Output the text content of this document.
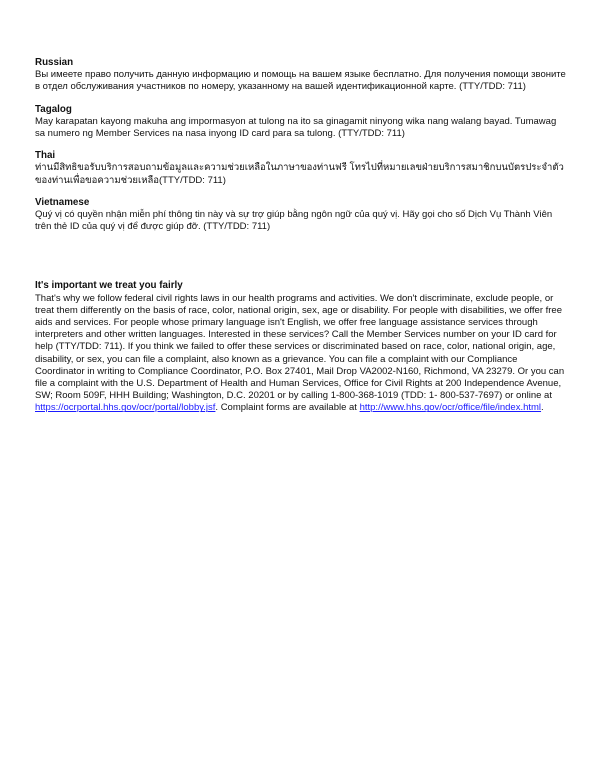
Russian

Вы имеете право получить данную информацию и помощь на вашем языке бесплатно. Для получения помощи звоните в отдел обслуживания участников по номеру, указанному на вашей идентификационной карте. (TTY/TDD: 711)

Tagalog

May karapatan kayong makuha ang impormasyon at tulong na ito sa ginagamit ninyong wika nang walang bayad. Tumawag sa numero ng Member Services na nasa inyong ID card para sa tulong. (TTY/TDD: 711)

Thai

ท่านมีสิทธิขอรับบริการสอบถามข้อมูลและความช่วยเหลือในภาษาของท่านฟรี โทรไปที่หมายเลขฝ่ายบริการสมาชิกบนบัตรประจำตัวของท่านเพื่อขอความช่วยเหลือ(TTY/TDD: 711)

Vietnamese

Quý vị có quyền nhận miễn phí thông tin này và sự trợ giúp bằng ngôn ngữ của quý vị. Hãy gọi cho số Dịch Vụ Thành Viên trên thẻ ID của quý vị để được giúp đỡ. (TTY/TDD: 711)

It's important we treat you fairly

That's why we follow federal civil rights laws in our health programs and activities. We don't discriminate, exclude people, or treat them differently on the basis of race, color, national origin, sex, age or disability. For people with disabilities, we offer free aids and services. For people whose primary language isn't English, we offer free language assistance services through interpreters and other written languages. Interested in these services? Call the Member Services number on your ID card for help (TTY/TDD: 711). If you think we failed to offer these services or discriminated based on race, color, national origin, age, disability, or sex, you can file a complaint, also known as a grievance. You can file a complaint with our Compliance Coordinator in writing to Compliance Coordinator, P.O. Box 27401, Mail Drop VA2002-N160, Richmond, VA 23279. Or you can file a complaint with the U.S. Department of Health and Human Services, Office for Civil Rights at 200 Independence Avenue, SW; Room 509F, HHH Building; Washington, D.C. 20201 or by calling 1-800-368-1019 (TDD: 1- 800-537-7697) or online at https://ocrportal.hhs.gov/ocr/portal/lobby.jsf. Complaint forms are available at http://www.hhs.gov/ocr/office/file/index.html.
